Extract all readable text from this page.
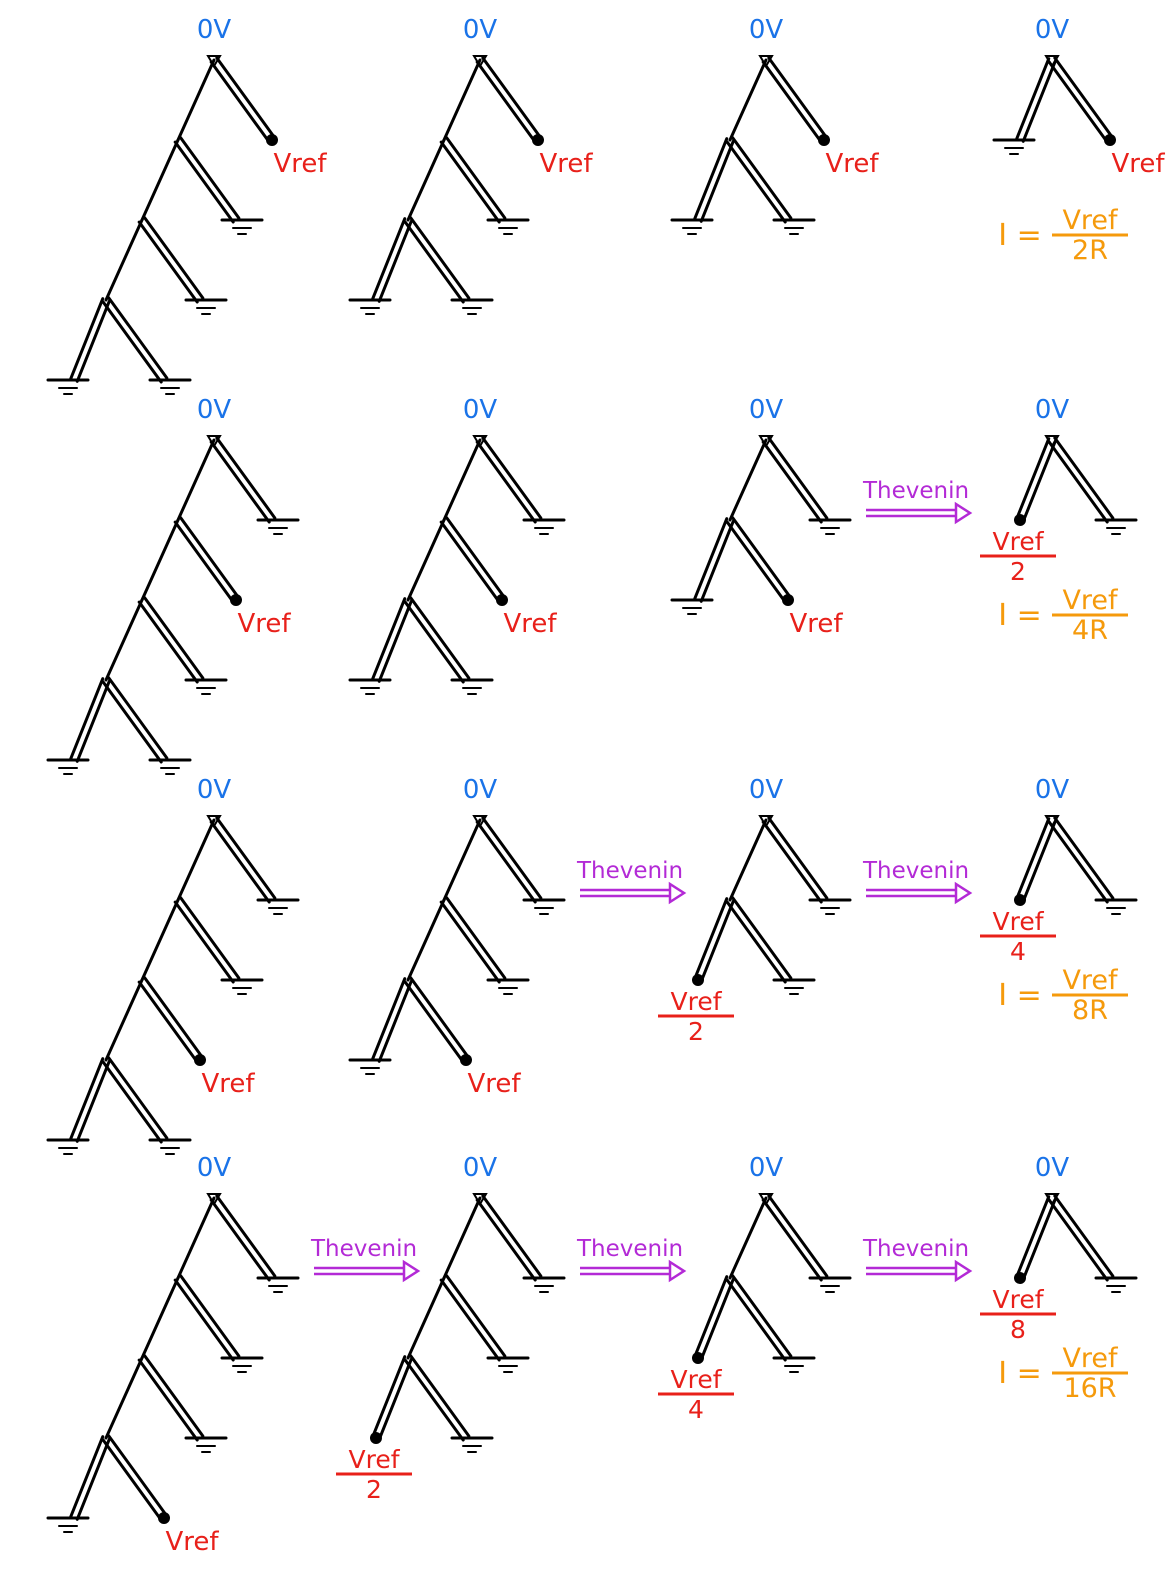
0V
Vref
0V
Vref
0V
Vref
0V
Vref
I = Vref
2R
0V
Vref
0V
Vref
0V
Vref
0V
Vref
2
I = Vref
4R
Thevenin
0V
Vref
0V
Vref
0V
Vref
2
0V
Vref
4
I = Vref
8R
Thevenin	Thevenin
0V
Vref
0V
Vref
2
0V
Vref
4
0V
Vref
8
I = Vref
16R
Thevenin	Thevenin	Thevenin
